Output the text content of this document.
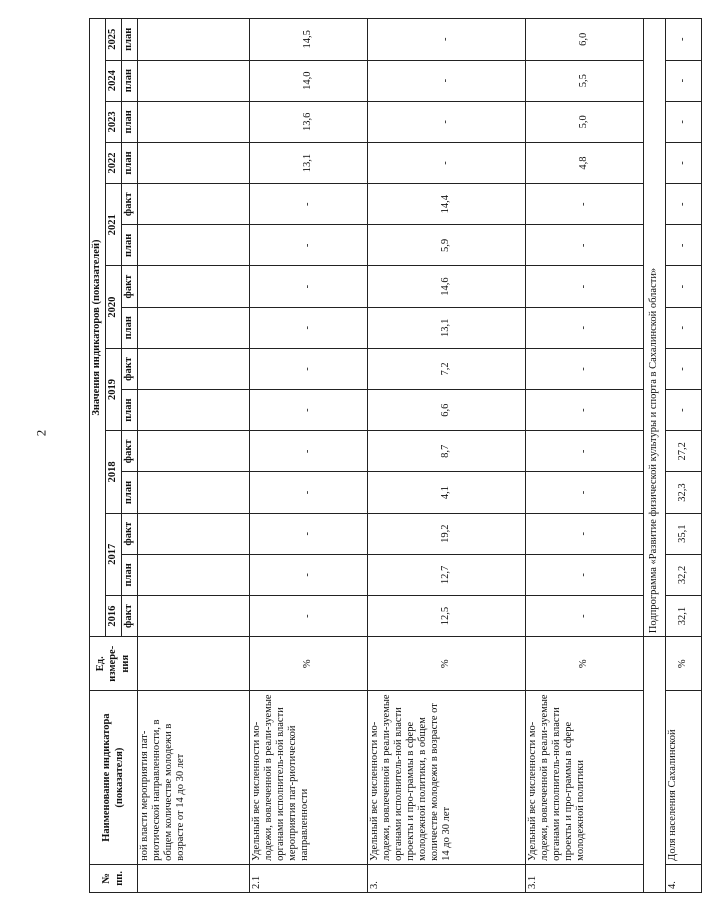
2
№ пп.	Наименование индикатора (показателя)	Ед. измере-ния	Значения индикаторов (показателей)														
			2016	2017		2018		2019		2020		2021		2022	2023	2024	2025
			факт	план	факт	план	факт	план	факт	план	факт	план	факт	план	план	план	план
	ной власти мероприятия пат-риотической направленности, в общем количестве молодежи в возрасте от 14 до 30 лет																
2.1	Удельный вес численности мо-лодежи, вовлеченной в реали-зуемые органами исполнитель-ной власти мероприятия пат-риотической направленности	%	-	-	-	-	-	-	-	-	-	-	-	13,1	13,6	14,0	14,5
3.	Удельный вес численности мо-лодежи, вовлеченной в реали-зуемые органами исполнитель-ной власти проекты и про-граммы в сфере молодежной политики, в общем количестве молодежи в возрасте от 14 до 30 лет	%	12,5	12,7	19,2	4,1	8,7	6,6	7,2	13,1	14,6	5,9	14,4	-	-	-	-
3.1	Удельный вес численности мо-лодежи, вовлеченной в реали-зуемые органами исполнитель-ной власти проекты и про-граммы в сфере молодежной политики	%	-	-	-	-	-	-	-	-	-	-	-	4,8	5,0	5,5	6,0
			Подпрограмма «Развитие физической культуры и спорта в Сахалинской области»														
4.	Доля населения Сахалинской	%	32,1	32,2	35,1	32,3	27,2	-	-	-	-	-	-	-	-	-	-
